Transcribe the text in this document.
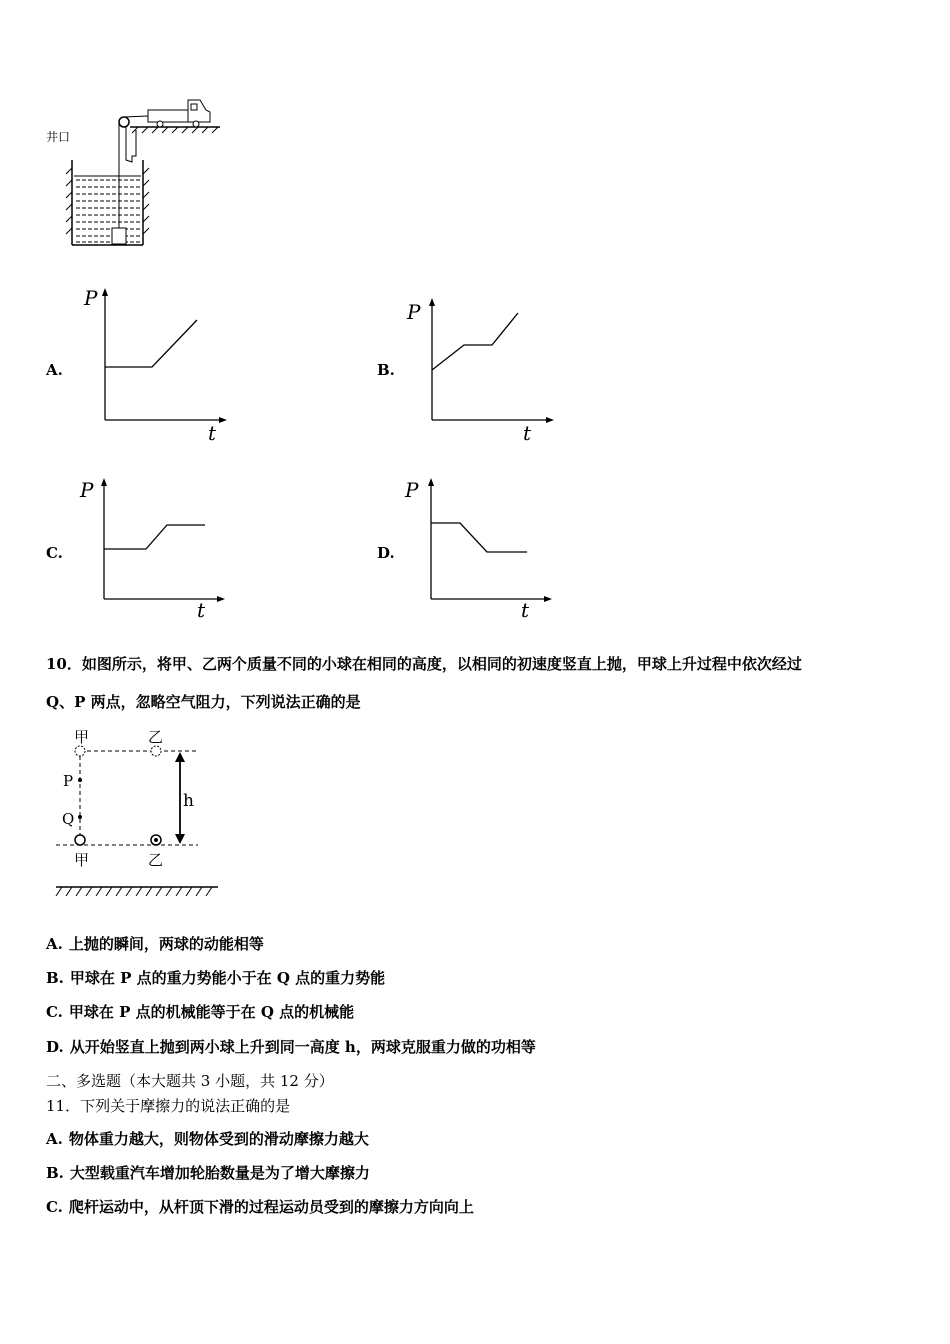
井口
A.
P
t
B.
P
t
C.
P
t
D.
P
t
10．如图所示，将甲、乙两个质量不同的小球在相同的高度，以相同的初速度竖直上抛，甲球上升过程中依次经过
Q、P 两点，忽略空气阻力，下列说法正确的是
甲	乙
P
Q
h
甲	乙
A. 上抛的瞬间，两球的动能相等
B. 甲球在 P 点的重力势能小于在 Q 点的重力势能
C. 甲球在 P 点的机械能等于在 Q 点的机械能
D. 从开始竖直上抛到两小球上升到同一高度 h，两球克服重力做的功相等
二、多选题（本大题共 3 小题，共 12 分）
11．下列关于摩擦力的说法正确的是
A. 物体重力越大，则物体受到的滑动摩擦力越大
B. 大型载重汽车增加轮胎数量是为了增大摩擦力
C. 爬杆运动中，从杆顶下滑的过程运动员受到的摩擦力方向向上
